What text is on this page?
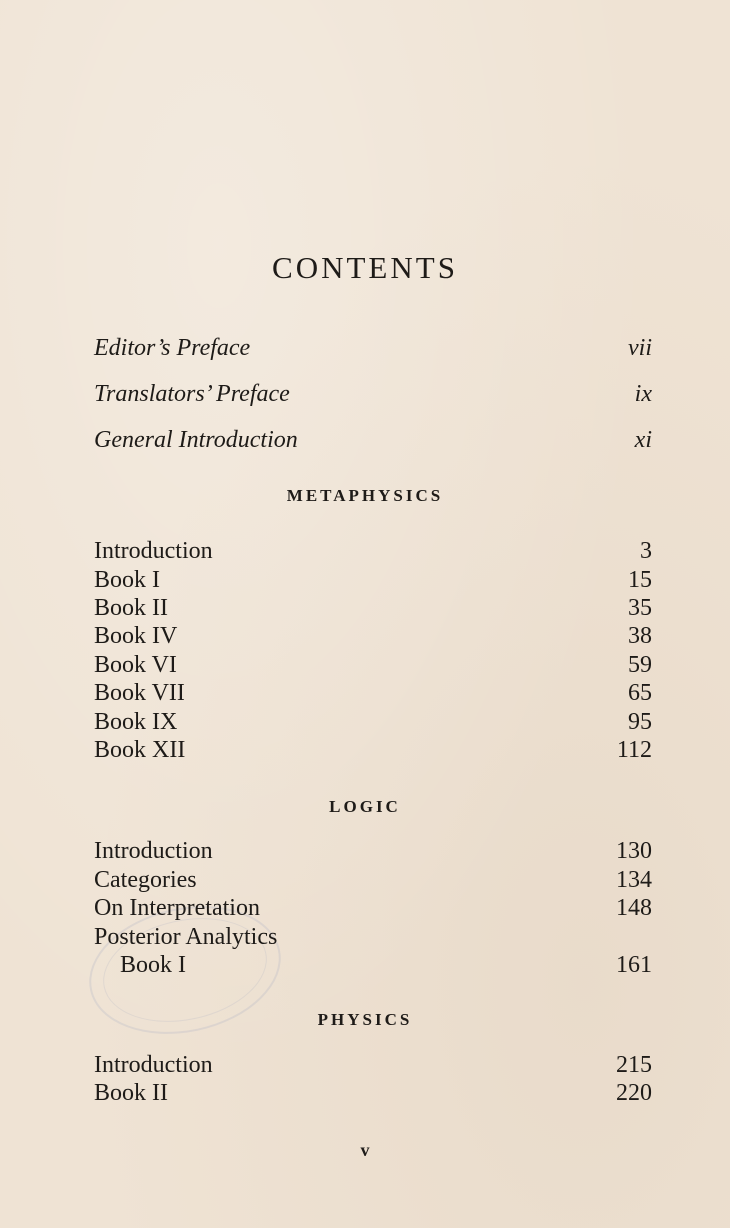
CONTENTS
Editor’s Preface	vii
Translators’ Preface	ix
General Introduction	xi
METAPHYSICS
Introduction	3
Book I	15
Book II	35
Book IV	38
Book VI	59
Book VII	65
Book IX	95
Book XII	112
LOGIC
Introduction	130
Categories	134
On Interpretation	148
Posterior Analytics
Book I	161
PHYSICS
Introduction	215
Book II	220
v
